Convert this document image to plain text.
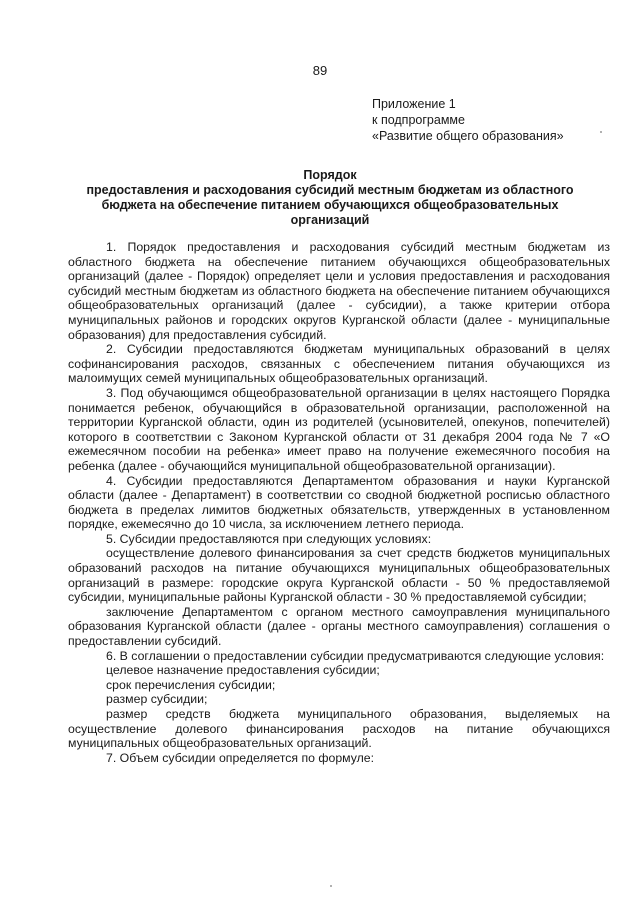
89
Приложение 1
к подпрограмме
«Развитие общего образования»
Порядок
предоставления и расходования субсидий местным бюджетам из областного
бюджета на обеспечение питанием обучающихся общеобразовательных
организаций

1. Порядок предоставления и расходования субсидий местным бюджетам из областного бюджета на обеспечение питанием обучающихся общеобразовательных организаций (далее - Порядок) определяет цели и условия предоставления и расходования субсидий местным бюджетам из областного бюджета на обеспечение питанием обучающихся общеобразовательных организаций (далее - субсидии), а также критерии отбора муниципальных районов и городских округов Курганской области (далее - муниципальные образования) для предоставления субсидий.

2. Субсидии предоставляются бюджетам муниципальных образований в целях софинансирования расходов, связанных с обеспечением питания обучающихся из малоимущих семей муниципальных общеобразовательных организаций.

3. Под обучающимся общеобразовательной организации в целях настоящего Порядка понимается ребенок, обучающийся в образовательной организации, расположенной на территории Курганской области, один из родителей (усыновителей, опекунов, попечителей) которого в соответствии с Законом Курганской области от 31 декабря 2004 года № 7 «О ежемесячном пособии на ребенка» имеет право на получение ежемесячного пособия на ребенка (далее - обучающийся муниципальной общеобразовательной организации).

4. Субсидии предоставляются Департаментом образования и науки Курганской области (далее - Департамент) в соответствии со сводной бюджетной росписью областного бюджета в пределах лимитов бюджетных обязательств, утвержденных в установленном порядке, ежемесячно до 10 числа, за исключением летнего периода.

5. Субсидии предоставляются при следующих условиях:

осуществление долевого финансирования за счет средств бюджетов муниципальных образований расходов на питание обучающихся муниципальных общеобразовательных организаций в размере: городские округа Курганской области - 50 % предоставляемой субсидии, муниципальные районы Курганской области - 30 % предоставляемой субсидии;

заключение Департаментом с органом местного самоуправления муниципального образования Курганской области (далее - органы местного самоуправления) соглашения о предоставлении субсидий.

6. В соглашении о предоставлении субсидии предусматриваются следующие условия:

целевое назначение предоставления субсидии;

срок перечисления субсидии;

размер субсидии;

размер средств бюджета муниципального образования, выделяемых на осуществление долевого финансирования расходов на питание обучающихся муниципальных общеобразовательных организаций.

7. Объем субсидии определяется по формуле:
